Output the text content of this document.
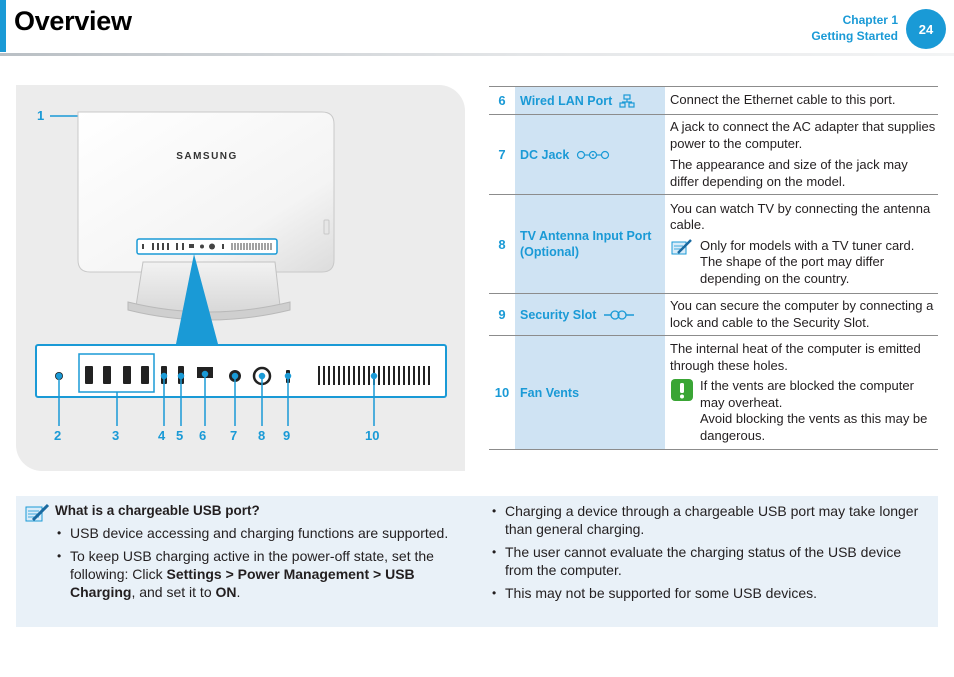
Overview	Chapter 1
Getting Started	24
1
SAMSUNG
2	3	4 5 6 7 8 9	10
6	Wired LAN Port	Connect the Ethernet cable to this port.

7	DC Jack	A jack to connect the AC adapter that supplies power to the computer.

The appearance and size of the jack may differ depending on the model.

8	TV Antenna Input Port (Optional)	You can watch TV by connecting the antenna cable.

Only for models with a TV tuner card. The shape of the port may differ depending on the country.

9	Security Slot	You can secure the computer by connecting a lock and cable to the Security Slot.

10	Fan Vents	The internal heat of the computer is emitted through these holes.

If the vents are blocked the computer may overheat.
Avoid blocking the vents as this may be dangerous.
What is a chargeable USB port?
• USB device accessing and charging functions are supported.
• To keep USB charging active in the power-off state, set the following: Click Settings > Power Management > USB Charging, and set it to ON.
• Charging a device through a chargeable USB port may take longer than general charging.
• The user cannot evaluate the charging status of the USB device from the computer.
• This may not be supported for some USB devices.
